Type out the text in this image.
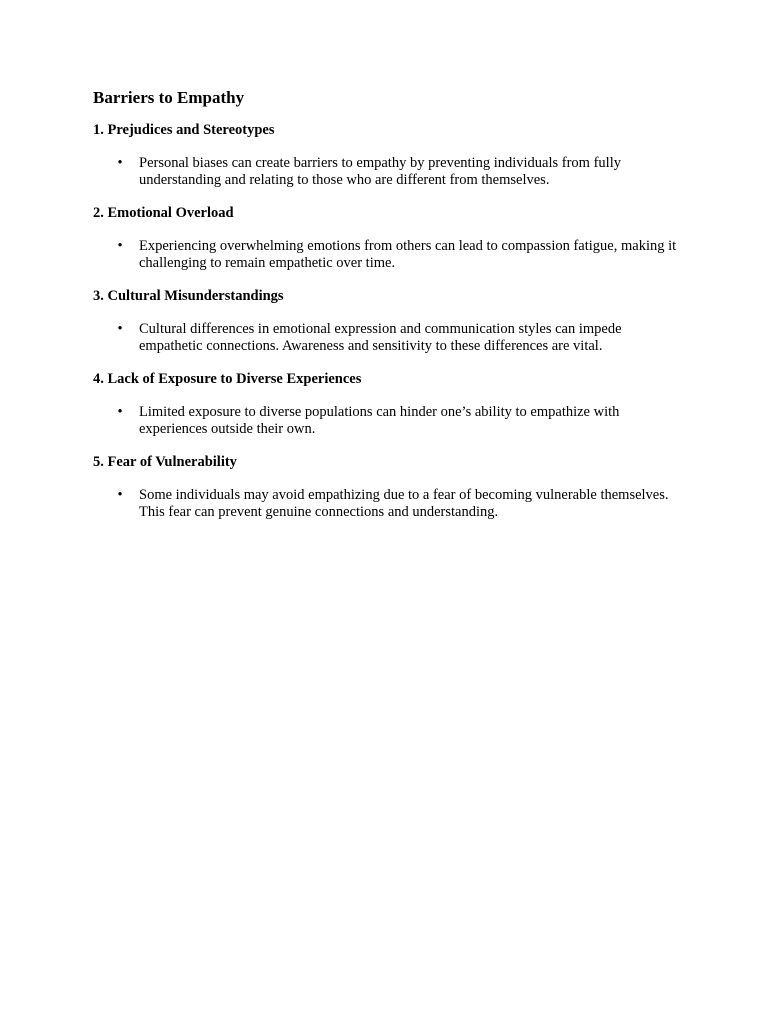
Barriers to Empathy
1. Prejudices and Stereotypes
• Personal biases can create barriers to empathy by preventing individuals from fully understanding and relating to those who are different from themselves.
2. Emotional Overload
• Experiencing overwhelming emotions from others can lead to compassion fatigue, making it challenging to remain empathetic over time.
3. Cultural Misunderstandings
• Cultural differences in emotional expression and communication styles can impede empathetic connections. Awareness and sensitivity to these differences are vital.
4. Lack of Exposure to Diverse Experiences
• Limited exposure to diverse populations can hinder one’s ability to empathize with experiences outside their own.
5. Fear of Vulnerability
• Some individuals may avoid empathizing due to a fear of becoming vulnerable themselves. This fear can prevent genuine connections and understanding.
